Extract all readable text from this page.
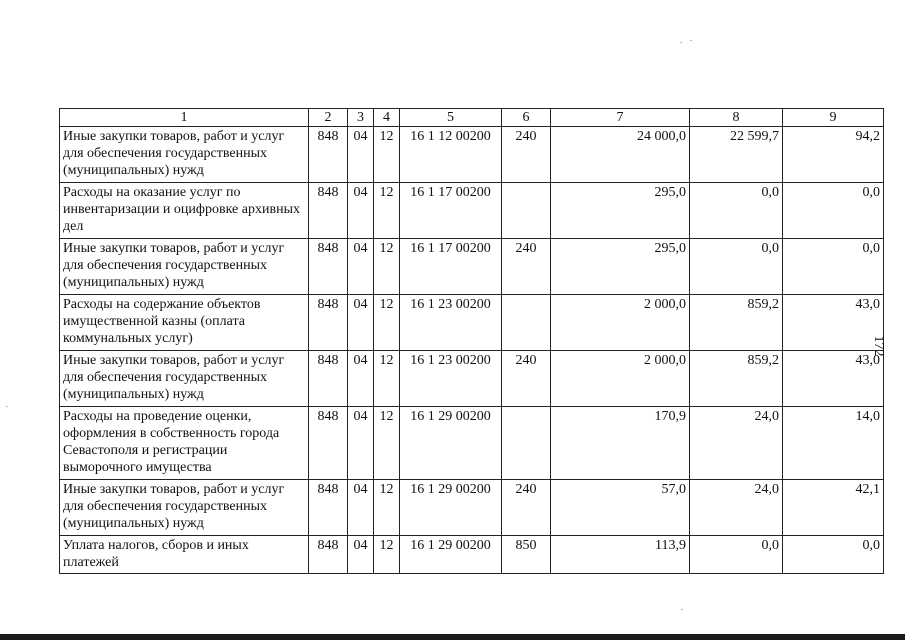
1	2	3	4	5	6	7	8	9
Иные закупки товаров, работ и услуг для обеспечения государственных (муниципальных) нужд	848	04	12	16 1 12 00200	240	24 000,0	22 599,7	94,2
Расходы на оказание услуг по инвентаризации и оцифровке архивных дел	848	04	12	16 1 17 00200		295,0	0,0	0,0
Иные закупки товаров, работ и услуг для обеспечения государственных (муниципальных) нужд	848	04	12	16 1 17 00200	240	295,0	0,0	0,0
Расходы на содержание объектов имущественной казны (оплата коммунальных услуг)	848	04	12	16 1 23 00200		2 000,0	859,2	43,0
Иные закупки товаров, работ и услуг для обеспечения государственных (муниципальных) нужд	848	04	12	16 1 23 00200	240	2 000,0	859,2	43,0
Расходы на проведение оценки, оформления в собственность города Севастополя и регистрации выморочного имущества	848	04	12	16 1 29 00200		170,9	24,0	14,0
Иные закупки товаров, работ и услуг для обеспечения государственных (муниципальных) нужд	848	04	12	16 1 29 00200	240	57,0	24,0	42,1
Уплата налогов, сборов и иных платежей	848	04	12	16 1 29 00200	850	113,9	0,0	0,0
172
